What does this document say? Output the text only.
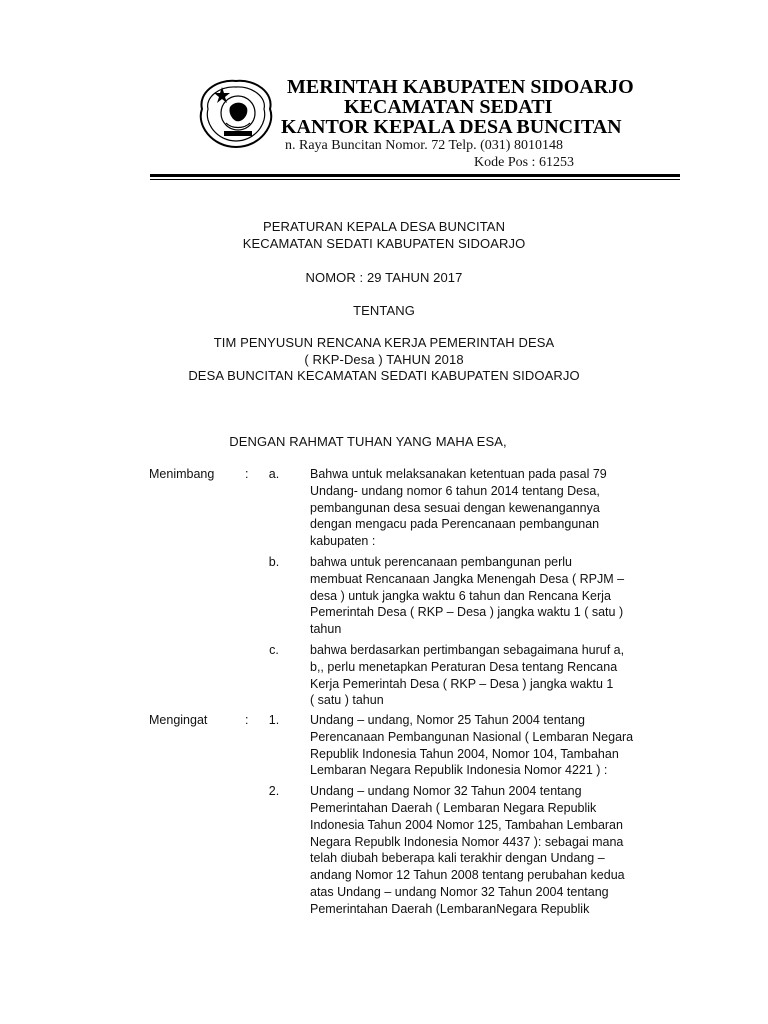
MERINTAH KABUPATEN SIDOARJO
KECAMATAN SEDATI
KANTOR KEPALA DESA BUNCITAN
n. Raya Buncitan Nomor. 72 Telp. (031) 8010148
Kode Pos : 61253
PERATURAN KEPALA DESA BUNCITAN
KECAMATAN SEDATI KABUPATEN SIDOARJO
NOMOR : 29 TAHUN 2017
TENTANG
TIM PENYUSUN RENCANA KERJA PEMERINTAH DESA
( RKP-Desa ) TAHUN 2018
DESA BUNCITAN KECAMATAN SEDATI KABUPATEN SIDOARJO
DENGAN RAHMAT TUHAN YANG MAHA ESA,
Menimbang :	a.	Bahwa untuk melaksanakan ketentuan pada pasal 79
Undang- undang nomor 6 tahun 2014 tentang Desa,
pembangunan desa sesuai dengan kewenangannya
dengan mengacu pada Perencanaan pembangunan
kabupaten :
b.	bahwa untuk perencanaan pembangunan perlu
membuat Rencanaan Jangka Menengah Desa ( RPJM –
desa ) untuk jangka waktu 6 tahun dan Rencana Kerja
Pemerintah Desa ( RKP – Desa ) jangka waktu 1 ( satu )
tahun
c.	bahwa berdasarkan pertimbangan sebagaimana huruf a,
b,, perlu menetapkan Peraturan Desa tentang Rencana
Kerja Pemerintah Desa ( RKP – Desa ) jangka waktu 1
( satu ) tahun
Mengingat	:	1.	Undang – undang, Nomor 25 Tahun 2004 tentang
Perencanaan Pembangunan Nasional ( Lembaran Negara
Republik Indonesia Tahun 2004, Nomor 104, Tambahan
Lembaran Negara Republik Indonesia Nomor 4221 ) :
2.	Undang – undang Nomor 32 Tahun 2004 tentang
Pemerintahan Daerah ( Lembaran Negara Republik
Indonesia Tahun 2004 Nomor 125, Tambahan Lembaran
Negara Republk Indonesia Nomor 4437 ): sebagai mana
telah diubah beberapa kali terakhir dengan Undang –
andang Nomor 12 Tahun 2008 tentang perubahan kedua
atas Undang – undang Nomor 32 Tahun 2004 tentang
Pemerintahan Daerah (LembaranNegara Republik
